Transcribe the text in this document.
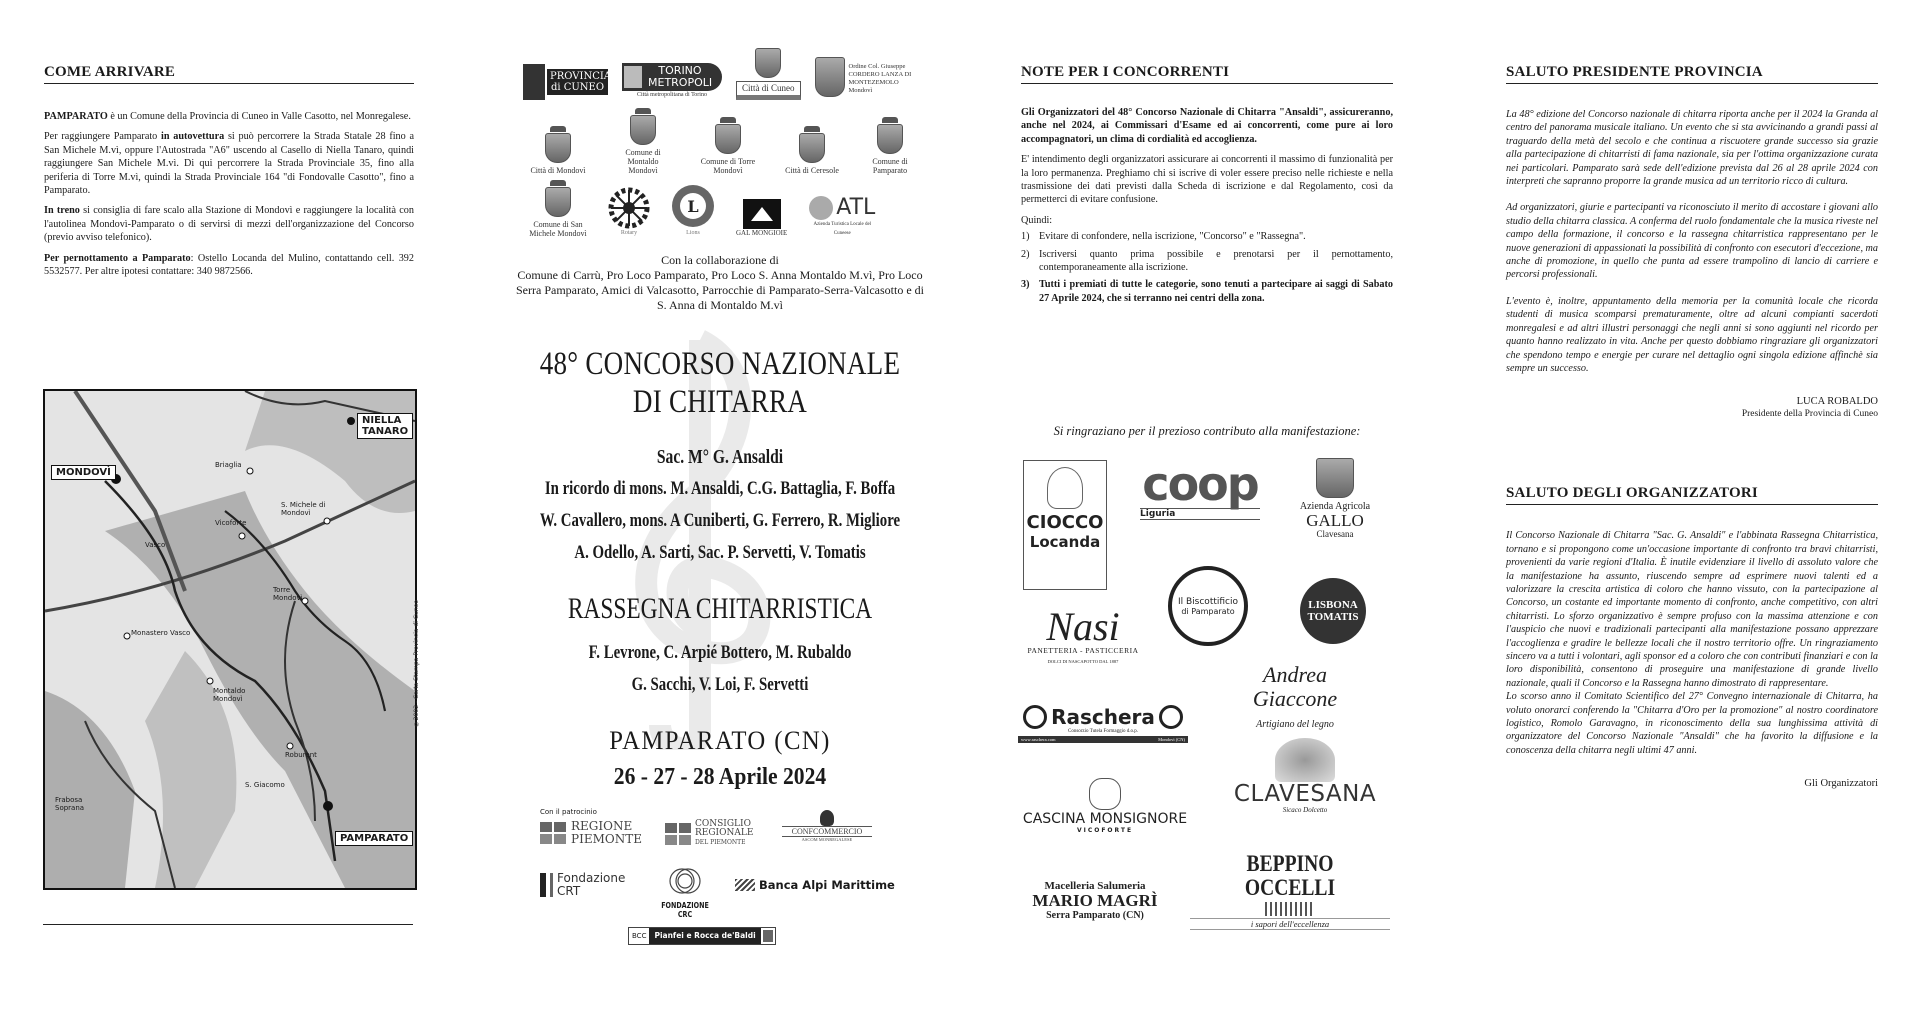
COME ARRIVARE

PAMPARATO è un Comune della Provincia di Cuneo in Valle Casotto, nel Monregalese.

Per raggiungere Pamparato in autovettura si può percorrere la Strada Statale 28 fino a San Michele M.vì, oppure l'Autostrada "A6" uscendo al Casello di Niella Tanaro, quindi raggiungere San Michele M.vì. Di qui percorrere la Strada Provinciale 35, fino alla periferia di Torre M.vì, quindi la Strada Provinciale 164 "di Fondovalle Casotto", fino a Pamparato.

In treno si consiglia di fare scalo alla Stazione di Mondovì e raggiungere la località con l'autolinea Mondovì-Pamparato o di servirsi di mezzi dell'organizzazione del Concorso (previo avviso telefonico).

Per pernottamento a Pamparato: Ostello Locanda del Mulino, contattando cell. 392 5532577. Per altre ipotesi contattare: 340 9872566.

MONDOVÌ
NIELLA TANARO
PAMPARATO
Briaglia
Vicoforte
S. Michele di Mondovì
Torre Mondovì
Montaldo Mondovì
Roburent
S. Giacomo
Monastero Vasco
Frabosa Soprana
Vasco
©2002 - Carta Stampa Provincia di Cuneo
PROVINCIA di CUNEO
TORINO METROPOLI
Città metropolitana di Torino
Città di Cuneo
Ordine Col. Giuseppe CORDERO LANZA DI MONTEZEMOLO Mondovì
Città di Mondovì
Comune di Montaldo Mondovì
Comune di Torre Mondovì	Città di Ceresole
Comune di Pamparato
Comune di San Michele Mondovì	Rotary
L
Lions	GAL MONGIOIE
ATL
Azienda Turistica Locale del Cuneese
Con la collaborazione di
Comune di Carrù, Pro Loco Pamparato, Pro Loco S. Anna Montaldo M.vì, Pro Loco Serra Pamparato, Amici di Valcasotto, Parrocchie di Pamparato-Serra-Valcasotto e di S. Anna di Montaldo M.vì
48° CONCORSO NAZIONALE
DI CHITARRA
Sac. M° G. Ansaldi
In ricordo di mons. M. Ansaldi, C.G. Battaglia, F. Boffa
W. Cavallero, mons. A Cuniberti, G. Ferrero, R. Migliore
A. Odello, A. Sarti, Sac. P. Servetti, V. Tomatis
RASSEGNA CHITARRISTICA
F. Levrone, C. Arpié Bottero, M. Rubaldo
G. Sacchi, V. Loi, F. Servetti
PAMPARATO (CN)
26 - 27 - 28 Aprile 2024
Con il patrocinio
REGIONE
PIEMONTE
CONSIGLIO
REGIONALE
DEL PIEMONTE
CONFCOMMERCIO
ASCOM MONREGALESE
Fondazione
CRT
FONDAZIONE CRC
Banca Alpi Marittime
BCC	Pianfei e Rocca de'Baldi
NOTE PER I CONCORRENTI

Gli Organizzatori del 48° Concorso Nazionale di Chitarra "Ansaldi", assicureranno, anche nel 2024, ai Commissari d'Esame ed ai concorrenti, come pure ai loro accompagnatori, un clima di cordialità ed accoglienza.

E' intendimento degli organizzatori assicurare ai concorrenti il massimo di funzionalità per la loro permanenza. Preghiamo chi si iscrive di voler essere preciso nelle richieste e nella trasmissione dei dati previsti dalla Scheda di iscrizione e dal Regolamento, così da permetterci di evitare confusione.

Quindi:

1) Evitare di confondere, nella iscrizione, "Concorso" e "Rassegna".
2) Iscriversi quanto prima possibile e prenotarsi per il pernottamento, contemporaneamente alla iscrizione.
3) Tutti i premiati di tutte le categorie, sono tenuti a partecipare ai saggi di Sabato 27 Aprile 2024, che si terranno nei centri della zona.
Si ringraziano per il prezioso contributo alla manifestazione:
CIOCCO
Locanda
coop
Liguria
Azienda Agricola
GALLO
Clavesana
Il Biscottificio
di Pamparato	LISBONA
TOMATIS
Nasi
PANETTERIA - PASTICCERIA
DOLCI DI NASCAPOTTO DAL 1887
Andrea Giaccone
Artigiano del legno
Raschera
Consorzio Tutela Formaggio d.o.p.
www.raschera.com	Mondovì (CN)
CLAVESANA
Sicaco Dolcetto
CASCINA MONSIGNORE
VICOFORTE
BEPPINO OCCELLI
i sapori dell'eccellenza
Macelleria Salumeria
MARIO MAGRÌ
Serra Pamparato (CN)
SALUTO PRESIDENTE PROVINCIA

La 48° edizione del Concorso nazionale di chitarra riporta anche per il 2024 la Granda al centro del panorama musicale italiano. Un evento che si sta avvicinando a grandi passi al traguardo della metà del secolo e che continua a riscuotere grande successo sia grazie alla partecipazione di chitarristi di fama nazionale, sia per l'ottima organizzazione curata nei particolari. Pamparato sarà sede dell'edizione prevista dal 26 al 28 aprile 2024 con interpreti che sapranno proporre la grande musica ad un territorio ricco di cultura.

Ad organizzatori, giurie e partecipanti va riconosciuto il merito di accostare i giovani allo studio della chitarra classica. A conferma del ruolo fondamentale che la musica riveste nel campo della formazione, il concorso e la rassegna chitarristica rappresentano per le nuove generazioni di appassionati la possibilità di confronto con esecutori d'eccezione, ma anche di promozione, in quello che punta ad essere trampolino di lancio di carriere e percorsi professionali.

L'evento è, inoltre, appuntamento della memoria per la comunità locale che ricorda studenti di musica scomparsi prematuramente, oltre ad alcuni compianti sacerdoti monregalesi e ad altri illustri personaggi che negli anni si sono aggiunti nel ricordo per quanto hanno realizzato in vita. Anche per questo dobbiamo ringraziare gli organizzatori che spendono tempo e energie per curare nel dettaglio ogni singola edizione affinchè sia sempre un successo.

LUCA ROBALDO

Presidente della Provincia di Cuneo

SALUTO DEGLI ORGANIZZATORI

Il Concorso Nazionale di Chitarra "Sac. G. Ansaldi" e l'abbinata Rassegna Chitarristica, tornano e si propongono come un'occasione importante di confronto tra bravi chitarristi, provenienti da varie regioni d'Italia. È inutile evidenziare il livello di assoluto valore che la manifestazione ha assunto, riuscendo sempre ad esprimere nuovi talenti ed a valorizzare la crescita artistica di coloro che hanno vissuto, con la partecipazione al Concorso, un costante ed importante momento di confronto, anche competitivo, con altri chitarristi. Lo sforzo organizzativo è sempre profuso con la massima attenzione e con l'auspicio che nuovi e tradizionali partecipanti alla manifestazione possano apprezzare l'accoglienza e gradire le bellezze locali che il nostro territorio offre. Un ringraziamento sincero va a tutti i volontari, agli sponsor ed a coloro che con contributi finanziari e con la loro disponibilità, consentono di proseguire una manifestazione di grande livello nazionale, quali il Concorso e la Rassegna hanno dimostrato di rappresentare.

Lo scorso anno il Comitato Scientifico del 27° Convegno internazionale di Chitarra, ha voluto onorarci conferendo la "Chitarra d'Oro per la promozione" al nostro coordinatore logistico, Romolo Garavagno, in riconoscimento della sua lunghissima attività di organizzatore del Concorso Nazionale "Ansaldi" che ha favorito la diffusione e la conoscenza della chitarra negli ultimi 47 anni.

Gli Organizzatori
